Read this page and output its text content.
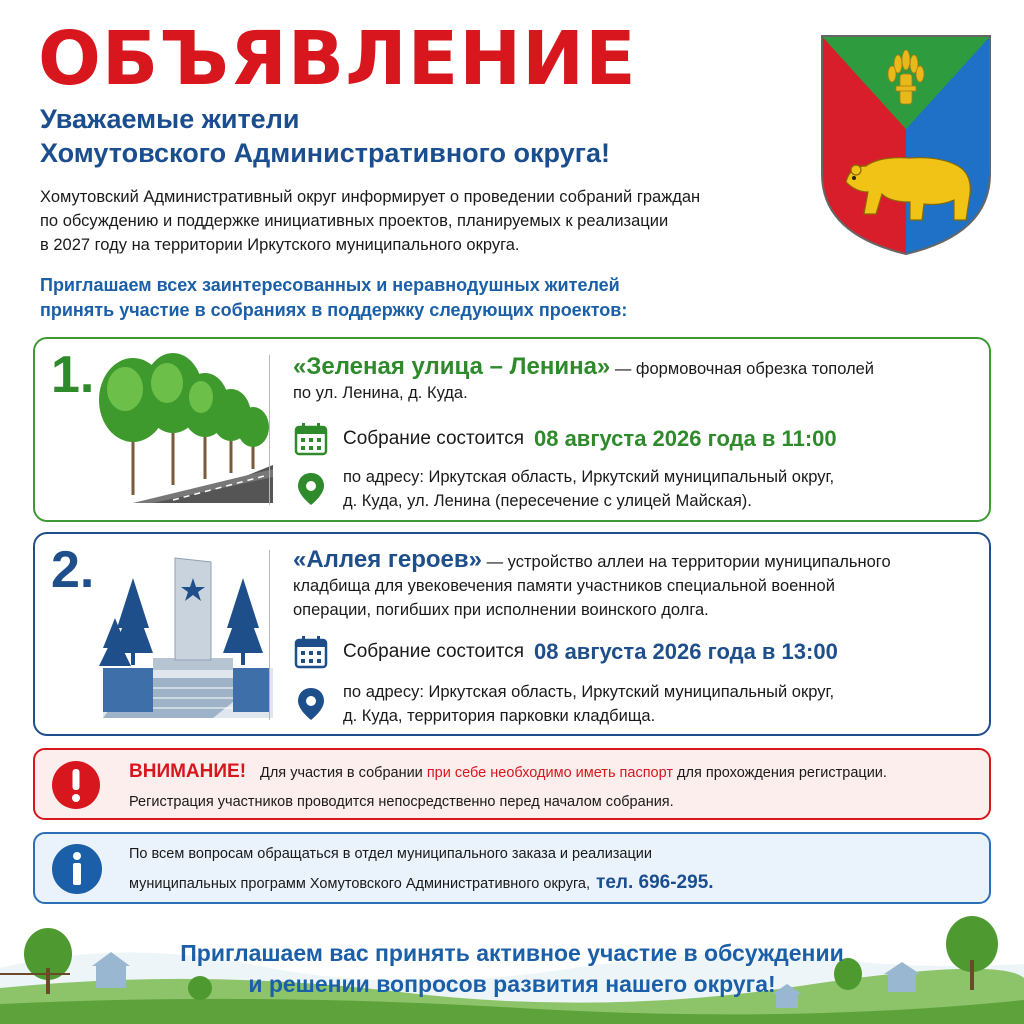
ОБЪЯВЛЕНИЕ
Уважаемые жители
Хомутовского Административного округа!
Хомутовский Административный округ информирует о проведении собраний граждан
по обсуждению и поддержке инициативных проектов, планируемых к реализации
в 2027 году на территории Иркутского муниципального округа.
Приглашаем всех заинтересованных и неравнодушных жителей
принять участие в собраниях в поддержку следующих проектов:
1.	«Зеленая улица – Ленина» — формовочная обрезка тополей
по ул. Ленина, д. Куда.
Собрание состоится 08 августа 2026 года в 11:00
по адресу: Иркутская область, Иркутский муниципальный округ,
д. Куда, ул. Ленина (пересечение с улицей Майская).
2.	«Аллея героев» — устройство аллеи на территории муниципального
кладбища для увековечения памяти участников специальной военной
операции, погибших при исполнении воинского долга.
Собрание состоится 08 августа 2026 года в 13:00
по адресу: Иркутская область, Иркутский муниципальный округ,
д. Куда, территория парковки кладбища.
ВНИМАНИЕ! Для участия в собрании при себе необходимо иметь паспорт для прохождения регистрации.
Регистрация участников проводится непосредственно перед началом собрания.
По всем вопросам обращаться в отдел муниципального заказа и реализации
муниципальных программ Хомутовского Административного округа, тел. 696-295.
Приглашаем вас принять активное участие в обсуждении
и решении вопросов развития нашего округа!
